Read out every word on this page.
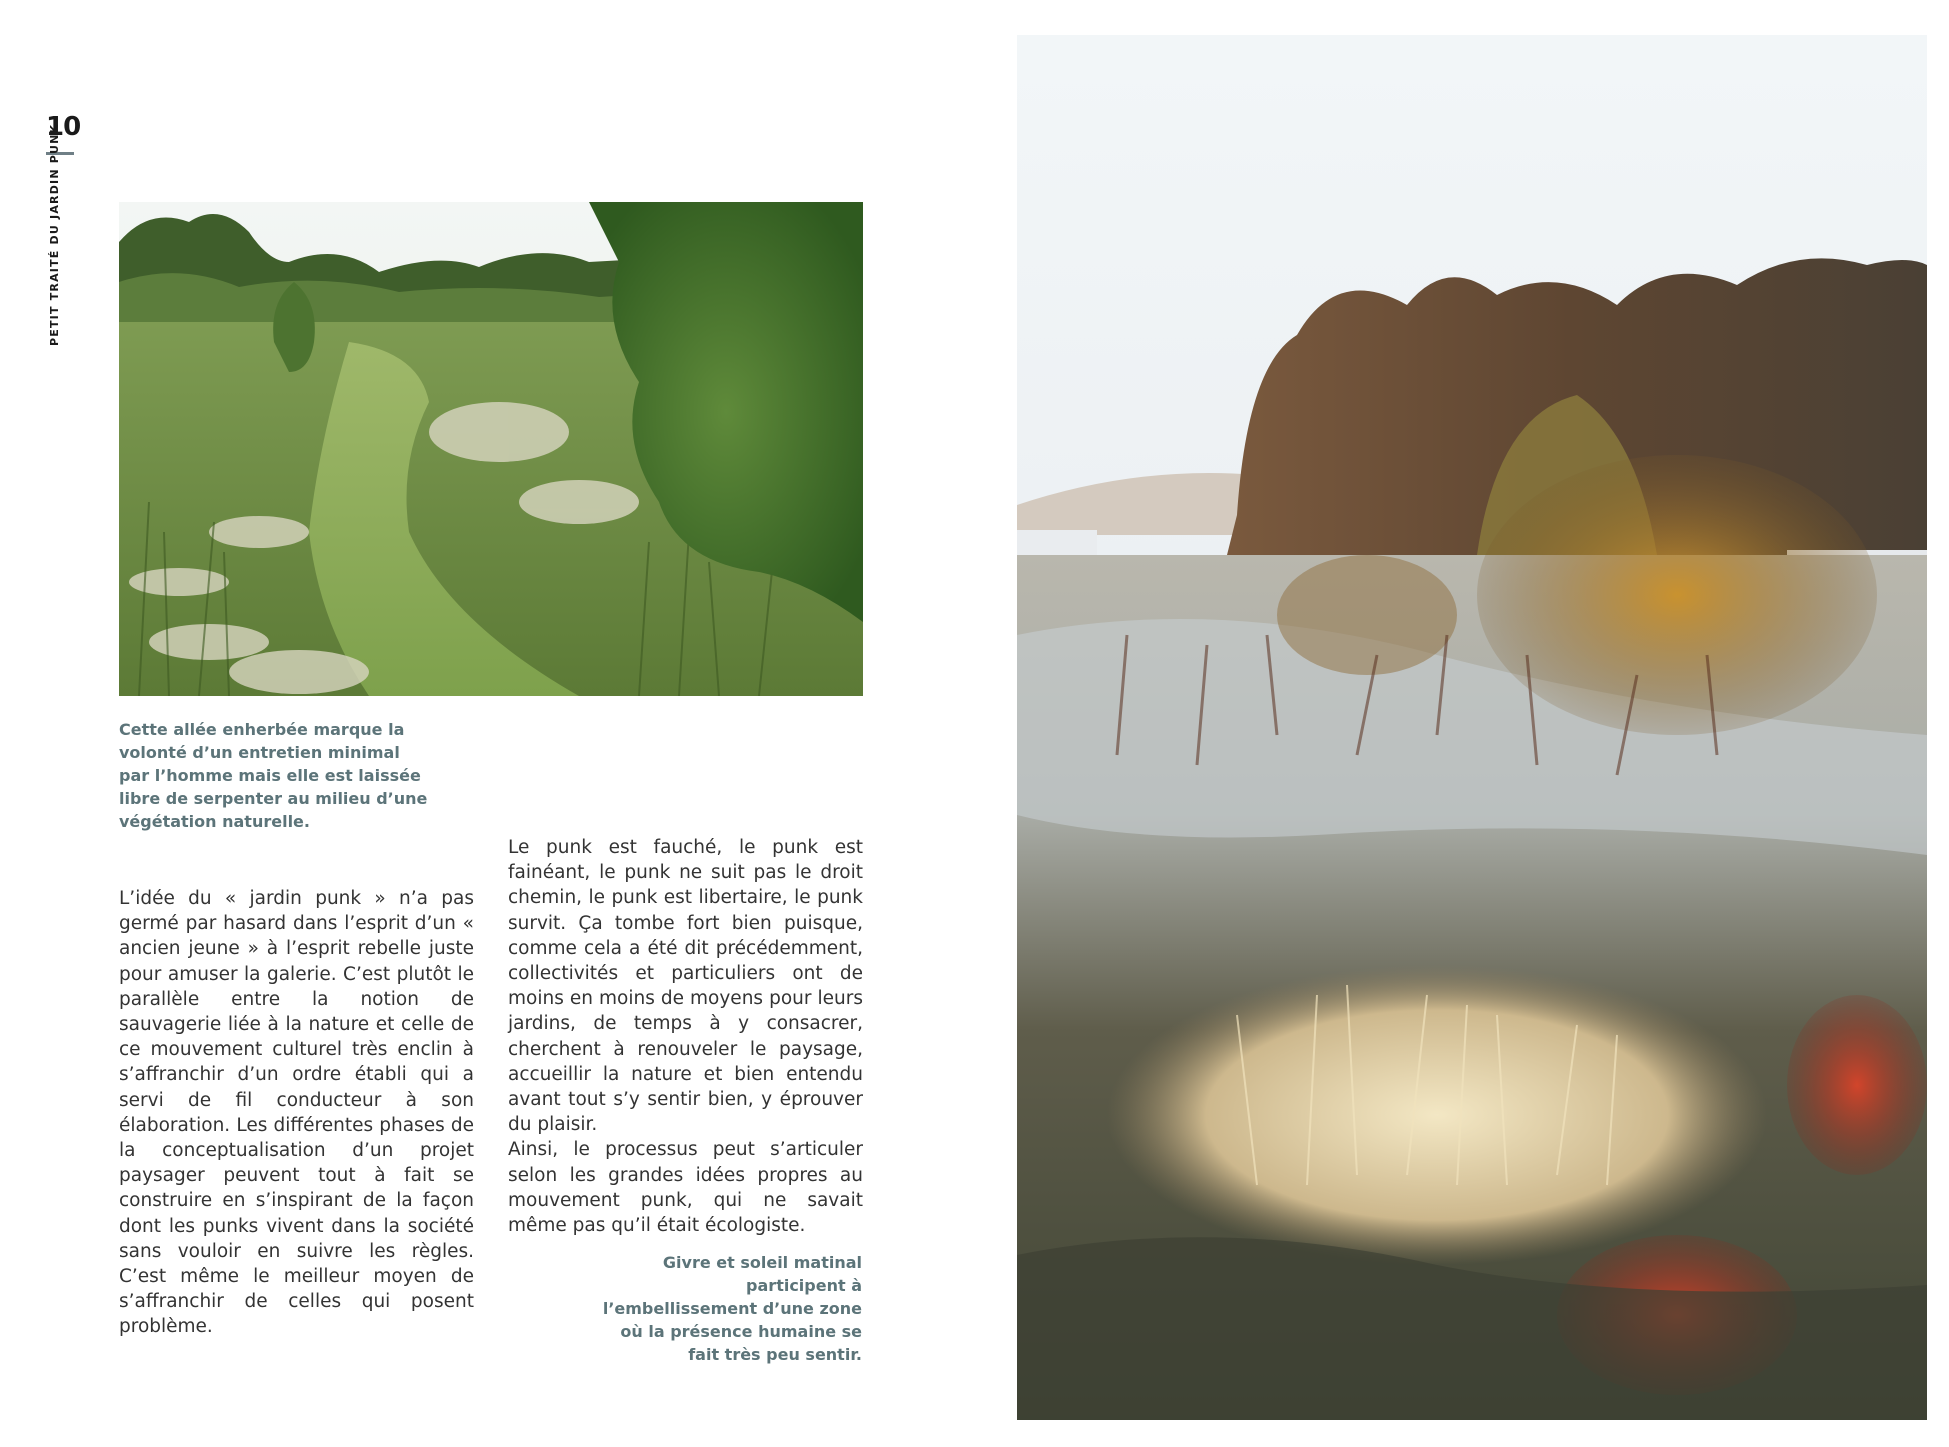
10
PETIT TRAITÉ DU JARDIN PUNK
Cette allée enherbée marque la volonté d’un entretien minimal par l’homme mais elle est laissée libre de serpenter au milieu d’une végétation naturelle.
L’idée du « jardin punk » n’a pas germé par hasard dans l’esprit d’un « ancien jeune » à l’esprit rebelle juste pour amuser la galerie. C’est plutôt le parallèle entre la notion de sauvagerie liée à la nature et celle de ce mouvement culturel très enclin à s’affranchir d’un ordre établi qui a servi de fil conducteur à son élaboration. Les différentes phases de la conceptualisation d’un projet paysager peuvent tout à fait se construire en s’inspirant de la façon dont les punks vivent dans la société sans vouloir en suivre les règles. C’est même le meilleur moyen de s’affranchir de celles qui posent problème.
Le punk est fauché, le punk est fainéant, le punk ne suit pas le droit chemin, le punk est libertaire, le punk survit. Ça tombe fort bien puisque, comme cela a été dit précédemment, collectivités et particuliers ont de moins en moins de moyens pour leurs jardins, de temps à y consacrer, cherchent à renouveler le paysage, accueillir la nature et bien entendu avant tout s’y sentir bien, y éprouver du plaisir.
Ainsi, le processus peut s’articuler selon les grandes idées propres au mouvement punk, qui ne savait même pas qu’il était écologiste.
Givre et soleil matinal participent à l’embellissement d’une zone où la présence humaine se fait très peu sentir.
